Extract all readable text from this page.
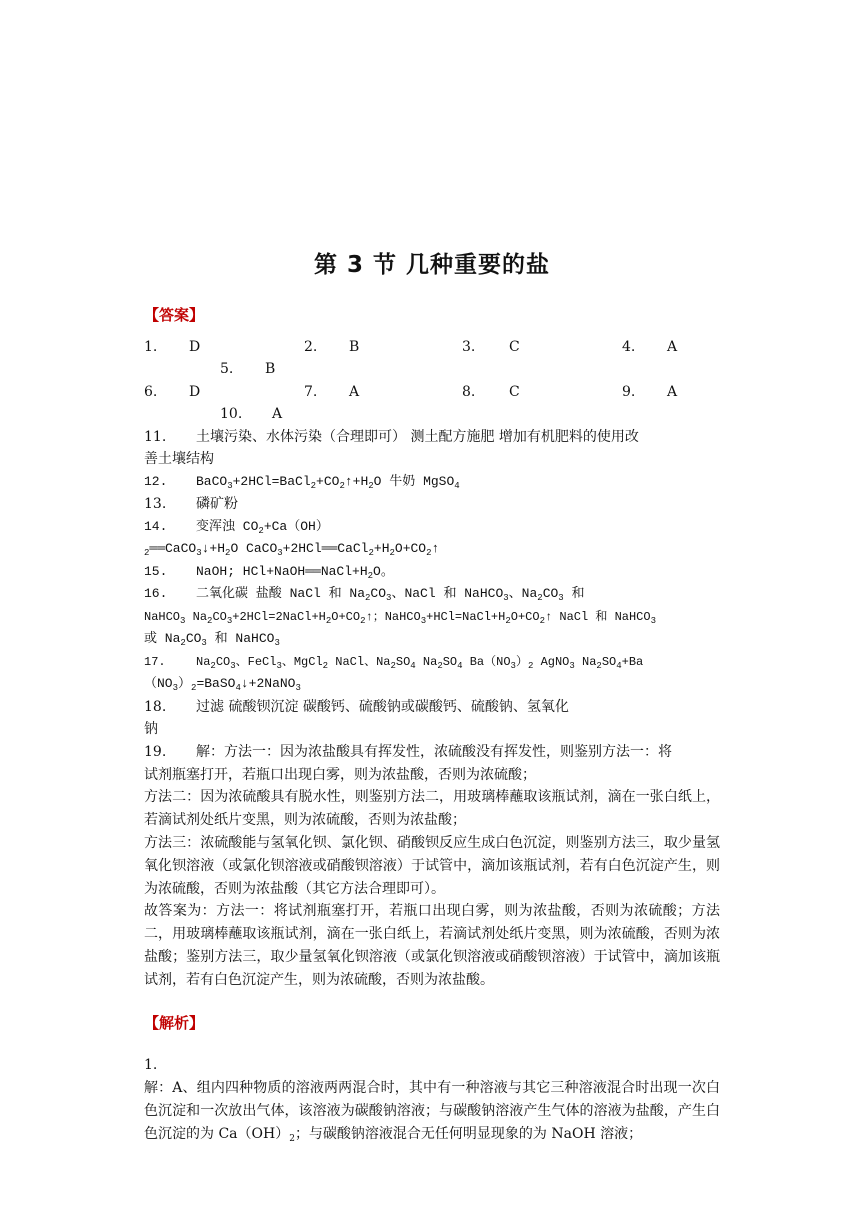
第 3 节 几种重要的盐
【答案】
1. D	2. B	3. C	4. A
5. B
6. D	7. A	8. C	9. A
10. A
11. 土壤污染、水体污染（合理即可） 测土配方施肥 增加有机肥料的使用改
善土壤结构
12. $BaCO_3+2HCl=BaCl_2+CO_2↑+H_2O$ 牛奶 MgSO$_4$
13. 磷矿粉
14. 变浑浊 $CO_2+Ca(OH)$
$_2══CaCO_3↓+H_2O$ $CaCO_3+2HCl══CaCl_2+H_2O+CO_2↑$
15. NaOH; $HCl+NaOH══NaCl+H_2O$。
16. 二氧化碳 盐酸 NaCl 和 $Na_2CO_3$、NaCl 和 NaHCO$_3$、$Na_2CO_3$ 和
NaHCO$_3$ $Na_2CO_3+2HCl=2NaCl+H_2O+CO_2↑$；$NaHCO_3+HCl=NaCl+H_2O+CO_2↑$ NaCl 和 NaHCO$_3$
或 $Na_2CO_3$ 和 NaHCO$_3$
17.	$Na_2CO_3$、FeCl$_3$、MgCl$_2$ NaCl、$Na_2SO_4$ $Na_2SO_4$ $Ba(NO_3)_2$ AgNO$_3$ $Na_2SO_4+Ba$
$(NO_3)_2=BaSO_4↓+2NaNO_3$
18. 过滤 硫酸钡沉淀 碳酸钙、硫酸钠或碳酸钙、硫酸钠、氢氧化
钠
19. 解：方法一：因为浓盐酸具有挥发性，浓硫酸没有挥发性，则鉴别方法一：将
试剂瓶塞打开，若瓶口出现白雾，则为浓盐酸，否则为浓硫酸；
方法二：因为浓硫酸具有脱水性，则鉴别方法二，用玻璃棒蘸取该瓶试剂，滴在一张白纸上，若滴试剂处纸片变黑，则为浓硫酸，否则为浓盐酸；
方法三：浓硫酸能与氢氧化钡、氯化钡、硝酸钡反应生成白色沉淀，则鉴别方法三，取少量氢氧化钡溶液（或氯化钡溶液或硝酸钡溶液）于试管中，滴加该瓶试剂，若有白色沉淀产生，则为浓硫酸，否则为浓盐酸（其它方法合理即可）。
故答案为：方法一：将试剂瓶塞打开，若瓶口出现白雾，则为浓盐酸，否则为浓硫酸；方法二，用玻璃棒蘸取该瓶试剂，滴在一张白纸上，若滴试剂处纸片变黑，则为浓硫酸，否则为浓盐酸；鉴别方法三，取少量氢氧化钡溶液（或氯化钡溶液或硝酸钡溶液）于试管中，滴加该瓶试剂，若有白色沉淀产生，则为浓硫酸，否则为浓盐酸。
【解析】
1.
解：A、组内四种物质的溶液两两混合时，其中有一种溶液与其它三种溶液混合时出现一次白色沉淀和一次放出气体，该溶液为碳酸钠溶液；与碳酸钠溶液产生气体的溶液为盐酸，产生白色沉淀的为 $Ca(OH)_2$；与碳酸钠溶液混合无任何明显现象的为 NaOH 溶液；
